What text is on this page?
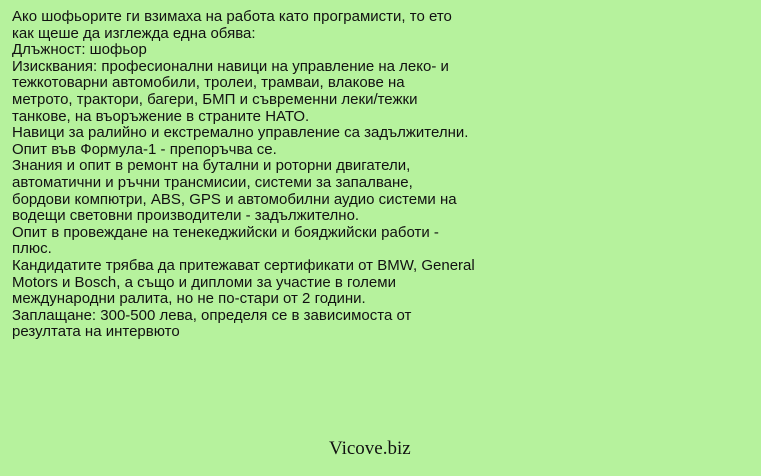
Ако шофьорите ги взимаха на работа като програмисти, то ето
как щеше да изглежда една обява:
Длъжност: шофьор
Изисквания: професионални навици на управление на леко- и
тежкотоварни автомобили, тролеи, трамваи, влакове на
метрото, трактори, багери, БМП и съвременни леки/тежки
танкове, на въоръжение в страните НАТО.
Навици за ралийно и екстремално управление са задължителни.
Опит във Формула-1 - препоръчва се.
Знания и опит в ремонт на бутални и роторни двигатели,
автоматични и ръчни трансмисии, системи за запалване,
бордови компютри, ABS, GPS и автомобилни аудио системи на
водещи световни производители - задължително.
Опит в провеждане на тенекеджийски и бояджийски работи -
плюс.
Кандидатите трябва да притежават сертификати от BMW, General
Motors и Bosch, а също и дипломи за участие в големи
международни ралита, но не по-стари от 2 години.
Заплащане: 300-500 лева, определя се в зависимоста от
резултата на интервюто
Vicove.biz
